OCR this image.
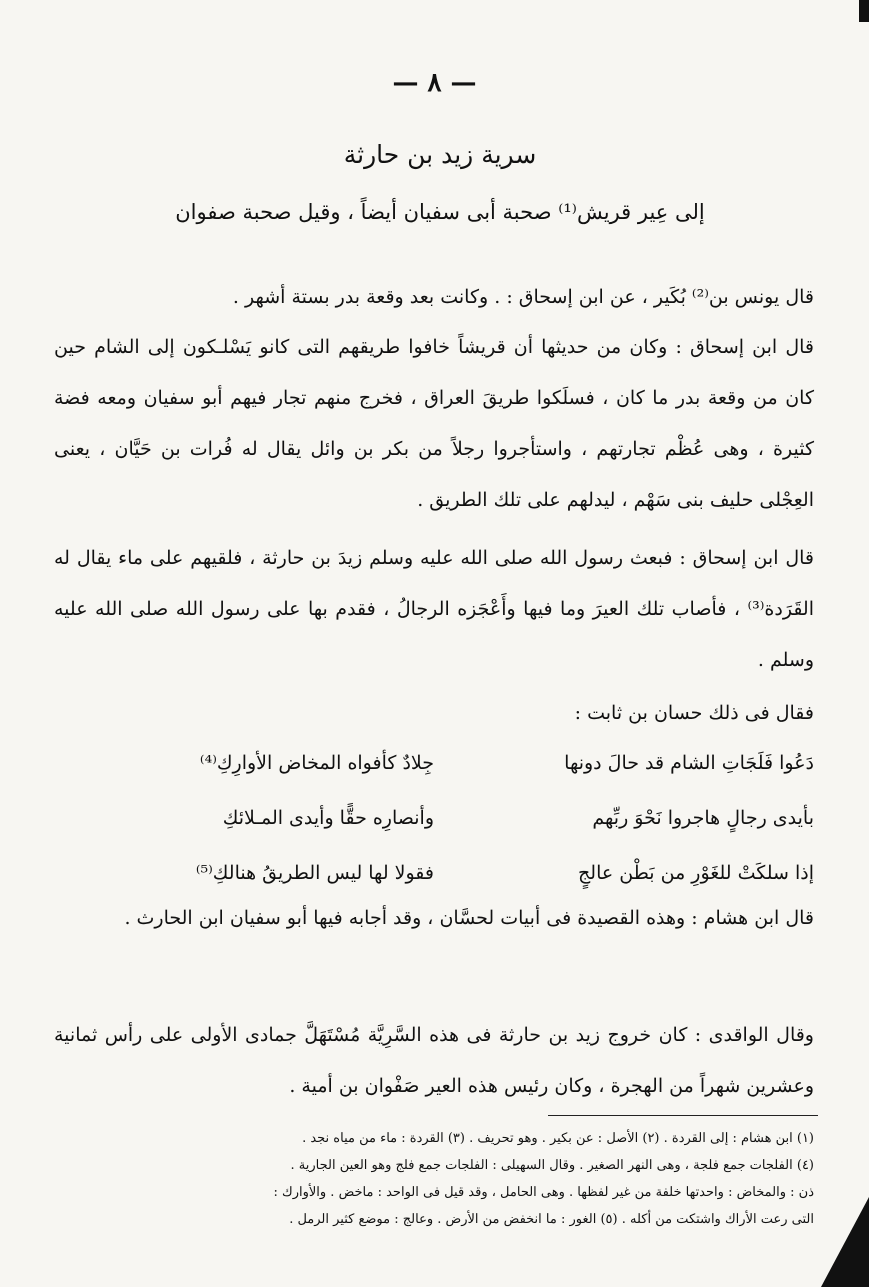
— ٨ —
سرية زيد بن حارثة
إلى عِير قريش⁽¹⁾ صحبة أبى سفيان أيضاً ، وقيل صحبة صفوان
قال يونس بن⁽²⁾ بُكَير ، عن ابن إسحاق : . وكانت بعد وقعة بدر بستة أشهر .
قال ابن إسحاق : وكان من حديثها أن قريشاً خافوا طريقهم التى كانو يَسْلـكون إلى الشام حين كان من وقعة بدر ما كان ، فسلَكوا طريقَ العراق ، فخرج منهم تجار فيهم أبو سفيان ومعه فضة كثيرة ، وهى عُظْم تجارتهم ، واستأجروا رجلاً من بكر بن وائل يقال له فُرات بن حَيَّان ، يعنى العِجْلى حليف بنى سَهْم ، ليدلهم على تلك الطريق .
قال ابن إسحاق : فبعث رسول الله صلى الله عليه وسلم زيدَ بن حارثة ، فلقيهم على ماء يقال له القَرَدة⁽³⁾ ، فأصاب تلك العيرَ وما فيها وأَعْجَزه الرجالُ ، فقدم بها على رسول الله صلى الله عليه وسلم .
فقال فى ذلك حسان بن ثابت :
دَعُوا فَلَجَاتِ الشام قد حالَ دونها
جِلادٌ كأفواه المخاض الأوارِكِ⁽⁴⁾
بأيدى رجالٍ هاجروا نَحْوَ ربِّهم
وأنصارِه حقًّا وأيدى المـلائكِ
إذا سلكَتْ للغَوْرِ من بَطْن عالجٍ
فقولا لها ليس الطريقُ هنالكِ⁽⁵⁾
قال ابن هشام : وهذه القصيدة فى أبيات لحسَّان ، وقد أجابه فيها أبو سفيان ابن الحارث .
وقال الواقدى : كان خروج زيد بن حارثة فى هذه السَّرِيَّة مُسْتَهَلَّ جمادى الأولى على رأس ثمانية وعشرين شهراً من الهجرة ، وكان رئيس هذه العير صَفْوان بن أمية .
(١) ابن هشام : إلى القردة . (٢) الأصل : عن بكير . وهو تحريف . (٣) القردة : ماء من مياه نجد .
(٤) الفلجات جمع فلجة ، وهى النهر الصغير . وقال السهيلى : الفلجات جمع فلج وهو العين الجارية .
ذن : والمخاض : واحدتها خلفة من غير لفظها . وهى الحامل ، وقد قيل فى الواحد : ماخض . والأوارك :
التى رعت الأراك واشتكت من أكله . (٥) الغور : ما انخفض من الأرض . وعالج : موضع كثير الرمل .
